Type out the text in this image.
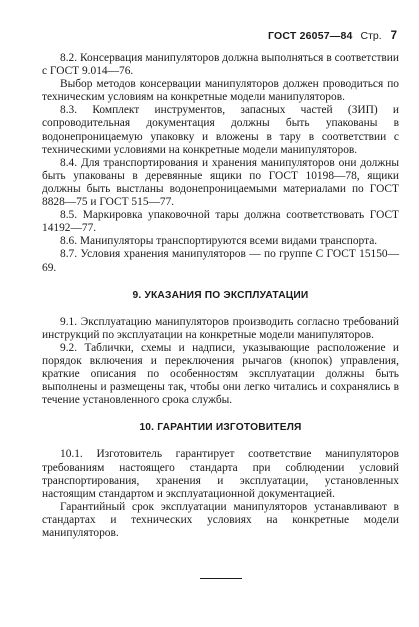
ГОСТ 26057—84 Стр. 7

8.2. Консервация манипуляторов должна выполняться в соответствии с ГОСТ 9.014—76.

Выбор методов консервации манипуляторов должен проводиться по техническим условиям на конкретные модели манипуляторов.

8.3. Комплект инструментов, запасных частей (ЗИП) и сопроводительная документация должны быть упакованы в водонепроницаемую упаковку и вложены в тару в соответствии с техническими условиями на конкретные модели манипуляторов.

8.4. Для транспортирования и хранения манипуляторов они должны быть упакованы в деревянные ящики по ГОСТ 10198—78, ящики должны быть выстланы водонепроницаемыми материалами по ГОСТ 8828—75 и ГОСТ 515—77.

8.5. Маркировка упаковочной тары должна соответствовать ГОСТ 14192—77.

8.6. Манипуляторы транспортируются всеми видами транспорта.

8.7. Условия хранения манипуляторов — по группе С ГОСТ 15150—69.

9. УКАЗАНИЯ ПО ЭКСПЛУАТАЦИИ

9.1. Эксплуатацию манипуляторов производить согласно требований инструкций по эксплуатации на конкретные модели манипуляторов.

9.2. Таблички, схемы и надписи, указывающие расположение и порядок включения и переключения рычагов (кнопок) управления, краткие описания по особенностям эксплуатации должны быть выполнены и размещены так, чтобы они легко читались и сохранялись в течение установленного срока службы.

10. ГАРАНТИИ ИЗГОТОВИТЕЛЯ

10.1. Изготовитель гарантирует соответствие манипуляторов требованиям настоящего стандарта при соблюдении условий транспортирования, хранения и эксплуатации, установленных настоящим стандартом и эксплуатационной документацией.

Гарантийный срок эксплуатации манипуляторов устанавливают в стандартах и технических условиях на конкретные модели манипуляторов.
